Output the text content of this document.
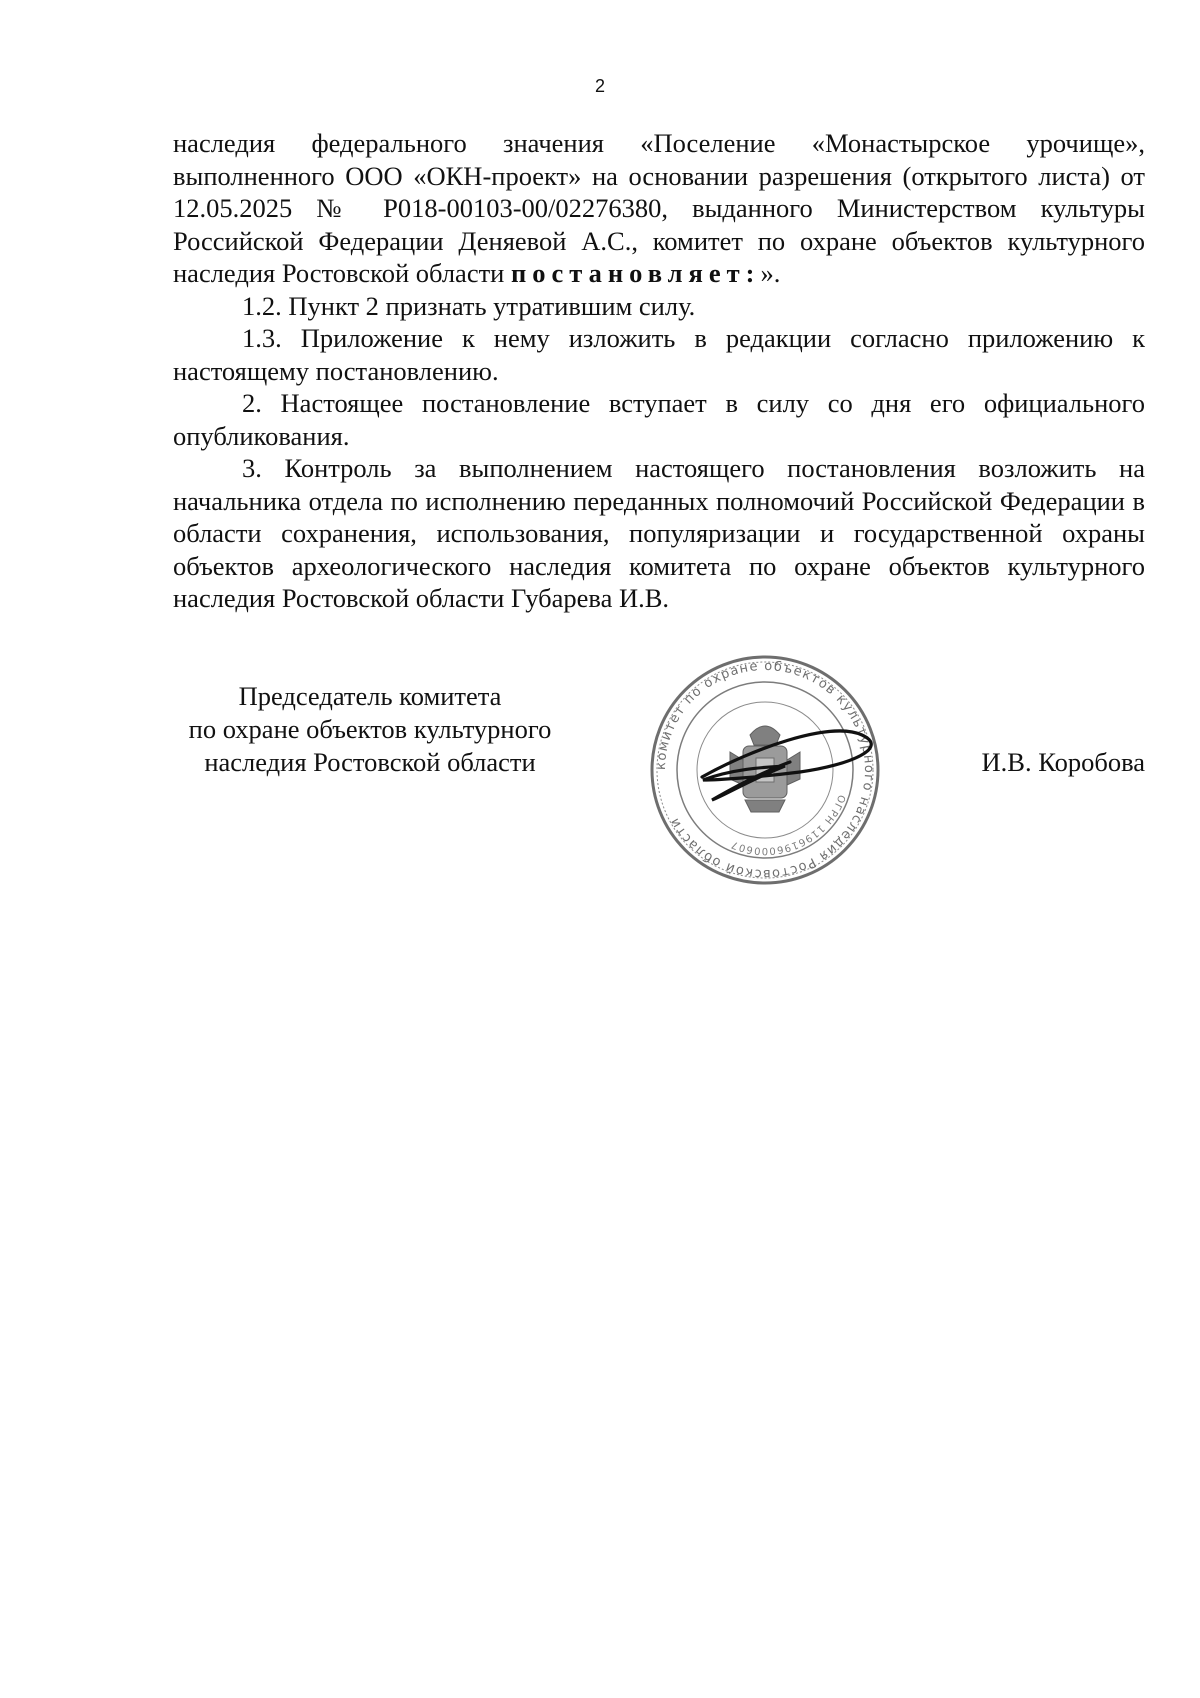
2

наследия федерального значения «Поселение «Монастырское урочище», выполненного ООО «ОКН-проект» на основании разрешения (открытого листа) от 12.05.2025 № Р018-00103-00/02276380, выданного Министерством культуры Российской Федерации Деняевой А.С., комитет по охране объектов культурного наследия Ростовской области постановляет:».

1.2. Пункт 2 признать утратившим силу.

1.3. Приложение к нему изложить в редакции согласно приложению к настоящему постановлению.

2. Настоящее постановление вступает в силу со дня его официального опубликования.

3. Контроль за выполнением настоящего постановления возложить на начальника отдела по исполнению переданных полномочий Российской Федерации в области сохранения, использования, популяризации и государственной охраны объектов археологического наследия комитета по охране объектов культурного наследия Ростовской области Губарева И.В.

Председатель комитета
по охране объектов культурного
наследия Ростовской области	комитет по охране объектов культурного наследия Ростовской области
ОГРН 1196196000607
И.В. Коробова
